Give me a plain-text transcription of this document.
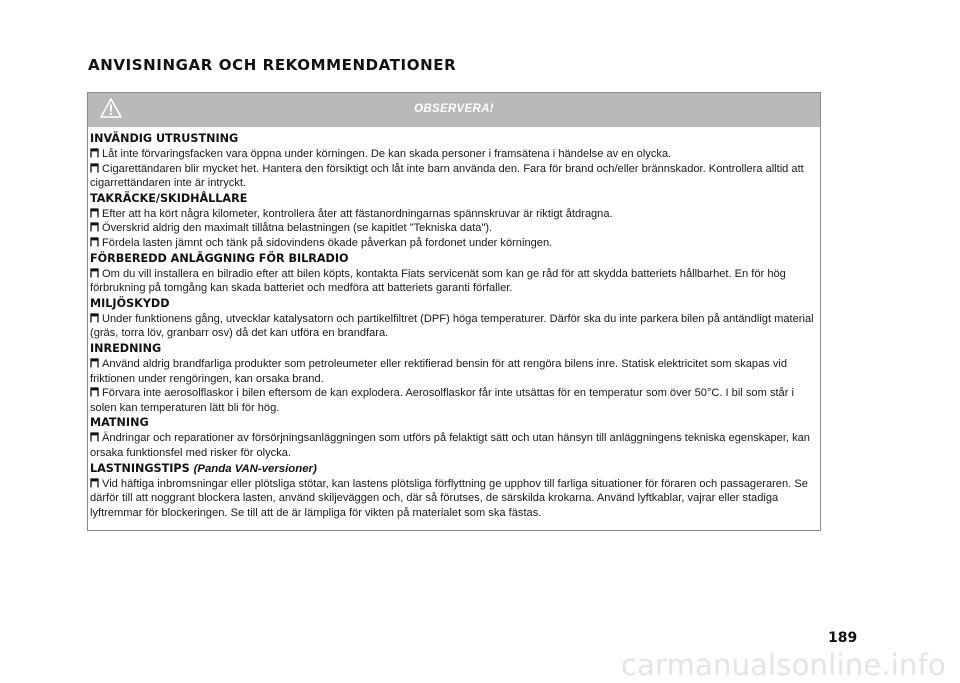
ANVISNINGAR OCH REKOMMENDATIONER
OBSERVERA!
INVÄNDIG UTRUSTNING

Låt inte förvaringsfacken vara öppna under körningen. De kan skada personer i framsätena i händelse av en olycka.

Cigarettändaren blir mycket het. Hantera den försiktigt och låt inte barn använda den. Fara för brand och/eller brännskador. Kontrollera alltid att cigarrettändaren inte är intryckt.

TAKRÄCKE/SKIDHÅLLARE

Efter att ha kört några kilometer, kontrollera åter att fästanordningarnas spännskruvar är riktigt åtdragna.

Överskrid aldrig den maximalt tillåtna belastningen (se kapitlet "Tekniska data").

Fördela lasten jämnt och tänk på sidovindens ökade påverkan på fordonet under körningen.

FÖRBEREDD ANLÄGGNING FÖR BILRADIO

Om du vill installera en bilradio efter att bilen köpts, kontakta Fiats servicenät som kan ge råd för att skydda batteriets hållbarhet. En för hög förbrukning på tomgång kan skada batteriet och medföra att batteriets garanti förfaller.

MILJÖSKYDD

Under funktionens gång, utvecklar katalysatorn och partikelfiltret (DPF) höga temperaturer. Därför ska du inte parkera bilen på antändligt material (gräs, torra löv, granbarr osv) då det kan utföra en brandfara.

INREDNING

Använd aldrig brandfarliga produkter som petroleumeter eller rektifierad bensin för att rengöra bilens inre. Statisk elektricitet som skapas vid friktionen under rengöringen, kan orsaka brand.

Förvara inte aerosolflaskor i bilen eftersom de kan explodera. Aerosolflaskor får inte utsättas för en temperatur som över 50°C. I bil som står i solen kan temperaturen lätt bli för hög.

MATNING

Ändringar och reparationer av försörjningsanläggningen som utförs på felaktigt sätt och utan hänsyn till anläggningens tekniska egenskaper, kan orsaka funktionsfel med risker för olycka.

LASTNINGSTIPS (Panda VAN-versioner)

Vid häftiga inbromsningar eller plötsliga stötar, kan lastens plötsliga förflyttning ge upphov till farliga situationer för föraren och passageraren. Se därför till att noggrant blockera lasten, använd skiljeväggen och, där så förutses, de särskilda krokarna. Använd lyftkablar, vajrar eller stadiga lyftremmar för blockeringen. Se till att de är lämpliga för vikten på materialet som ska fästas.

189
carmanualsonline.info
